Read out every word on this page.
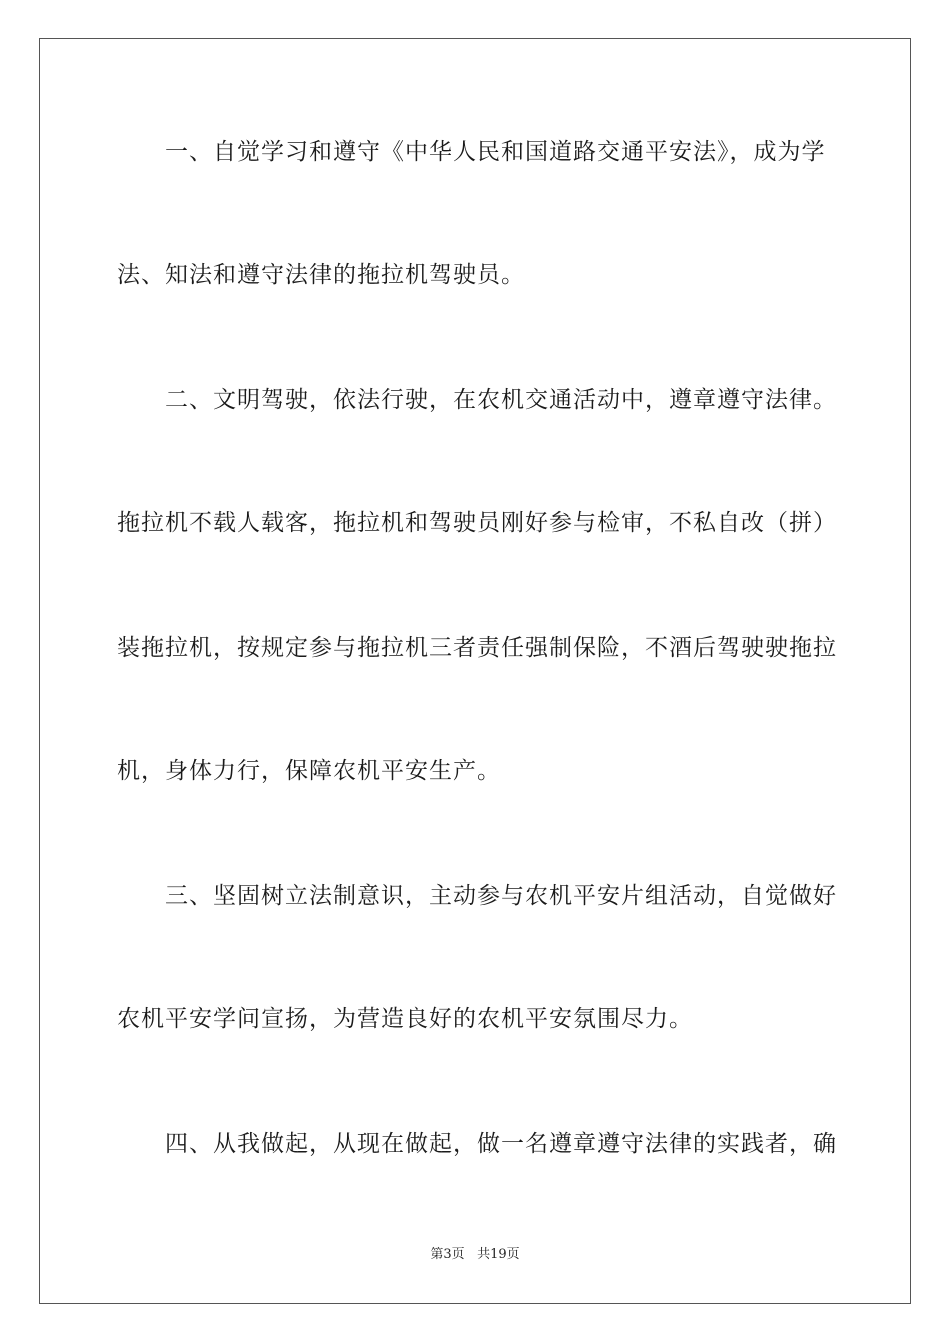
一、自觉学习和遵守《中华人民和国道路交通平安法》，成为学
法、知法和遵守法律的拖拉机驾驶员。
二、文明驾驶，依法行驶，在农机交通活动中，遵章遵守法律。
拖拉机不载人载客，拖拉机和驾驶员刚好参与检审，不私自改（拼）
装拖拉机，按规定参与拖拉机三者责任强制保险，不酒后驾驶驶拖拉
机，身体力行，保障农机平安生产。
三、坚固树立法制意识，主动参与农机平安片组活动，自觉做好
农机平安学问宣扬，为营造良好的农机平安氛围尽力。
四、从我做起，从现在做起，做一名遵章遵守法律的实践者，确
第3页 共19页
